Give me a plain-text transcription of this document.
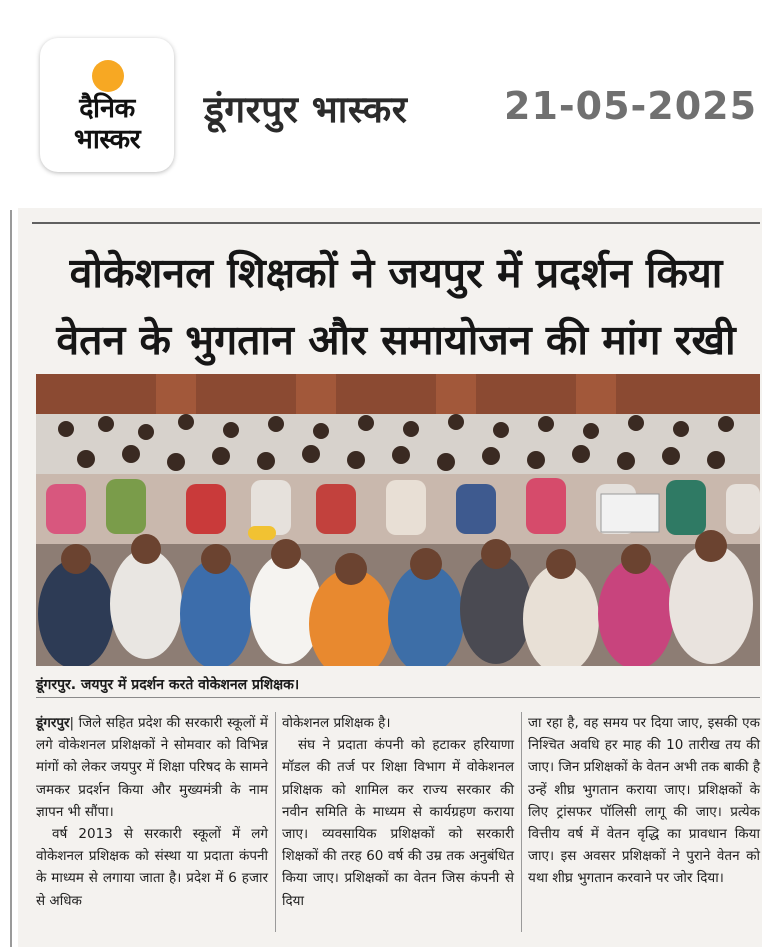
दैनिक
भास्कर
डूंगरपुर भास्कर	21-05-2025
वोकेशनल शिक्षकों ने जयपुर में प्रदर्शन किया
वेतन के भुगतान और समायोजन की मांग रखी
डूंगरपुर. जयपुर में प्रदर्शन करते वोकेशनल प्रशिक्षक।

डूंगरपुर| जिले सहित प्रदेश की सरकारी स्कूलों में लगे वोकेशनल प्रशिक्षकों ने सोमवार को विभिन्न मांगों को लेकर जयपुर में शिक्षा परिषद के सामने जमकर प्रदर्शन किया और मुख्यमंत्री के नाम ज्ञापन भी सौंपा।

वर्ष 2013 से सरकारी स्कूलों में लगे वोकेशनल प्रशिक्षक को संस्था या प्रदाता कंपनी के माध्यम से लगाया जाता है। प्रदेश में 6 हजार से अधिक

वोकेशनल प्रशिक्षक है।

संघ ने प्रदाता कंपनी को हटाकर हरियाणा मॉडल की तर्ज पर शिक्षा विभाग में वोकेशनल प्रशिक्षक को शामिल कर राज्य सरकार की नवीन समिति के माध्यम से कार्यग्रहण कराया जाए। व्यवसायिक प्रशिक्षकों को सरकारी शिक्षकों की तरह 60 वर्ष की उम्र तक अनुबंधित किया जाए। प्रशिक्षकों का वेतन जिस कंपनी से दिया

जा रहा है, वह समय पर दिया जाए, इसकी एक निश्चित अवधि हर माह की 10 तारीख तय की जाए। जिन प्रशिक्षकों के वेतन अभी तक बाकी है उन्हें शीघ्र भुगतान कराया जाए। प्रशिक्षकों के लिए ट्रांसफर पॉलिसी लागू की जाए। प्रत्येक वित्तीय वर्ष में वेतन वृद्धि का प्रावधान किया जाए। इस अवसर प्रशिक्षकों ने पुराने वेतन को यथा शीघ्र भुगतान करवाने पर जोर दिया।
